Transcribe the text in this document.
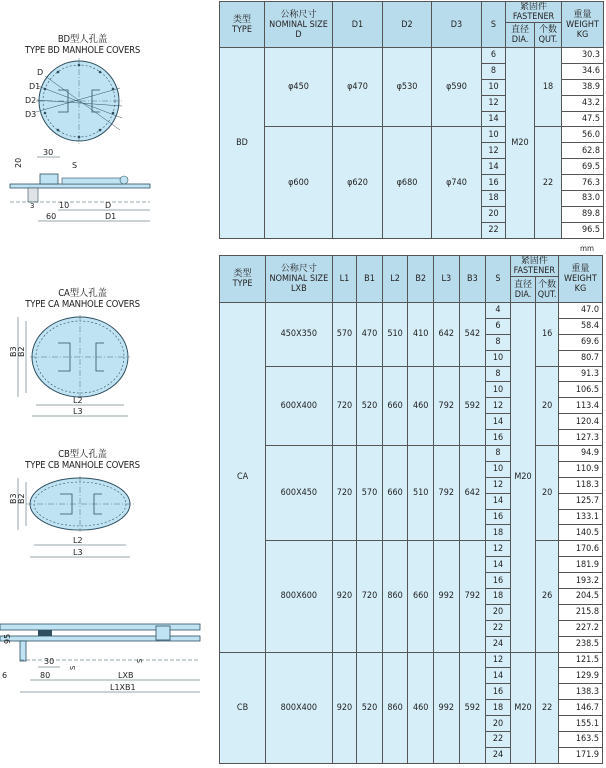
BD型人孔盖
TYPE BD MANHOLE COVERS
D
D1
D2
D3
30
20	S
3	10	D
60	D1
CA型人孔盖
TYPE CA MANHOLE COVERS
B3 B2
L2
L3
CB型人孔盖
TYPE CB MANHOLE COVERS
B3 B2
L2
L3
95
30
S
S
6	80	LXB
L1XB1
类型
TYPE	公称尺寸
NOMINAL SIZE
D	D1	D2	D3	S	紧固件
FASTENER		重量
WEIGHT
KG
						直径
DIA.	个数
QUT.	
BD	φ450	φ470	φ530	φ590	6	M20	18	30.3
					8			34.6
					10			38.9
					12			43.2
					14			47.5
	φ600	φ620	φ680	φ740	10		22	56.0
					12			62.8
					14			69.5
					16			76.3
					18			83.0
					20			89.8
					22			96.5
mm
类型
TYPE	公称尺寸
NOMINAL SIZE
LXB	L1	B1	L2	B2	L3	B3	S	紧固件
FASTENER		重量
WEIGHT
KG
									直径
DIA.	个数
QUT.	
CA	450X350	570	470	510	410	642	542	4	M20	16	47.0
								6			58.4
								8			69.6
								10			80.7
	600X400	720	520	660	460	792	592	8		20	91.3
								10			106.5
								12			113.4
								14			120.4
								16			127.3
	600X450	720	570	660	510	792	642	8		20	94.9
								10			110.9
								12			118.3
								14			125.7
								16			133.1
								18			140.5
	800X600	920	720	860	660	992	792	12		26	170.6
								14			181.9
								16			193.2
								18			204.5
								20			215.8
								22			227.2
								24			238.5
CB	800X400	920	520	860	460	992	592	12	M20	22	121.5
								14			129.9
								16			138.3
								18			146.7
								20			155.1
								22			163.5
								24			171.9
